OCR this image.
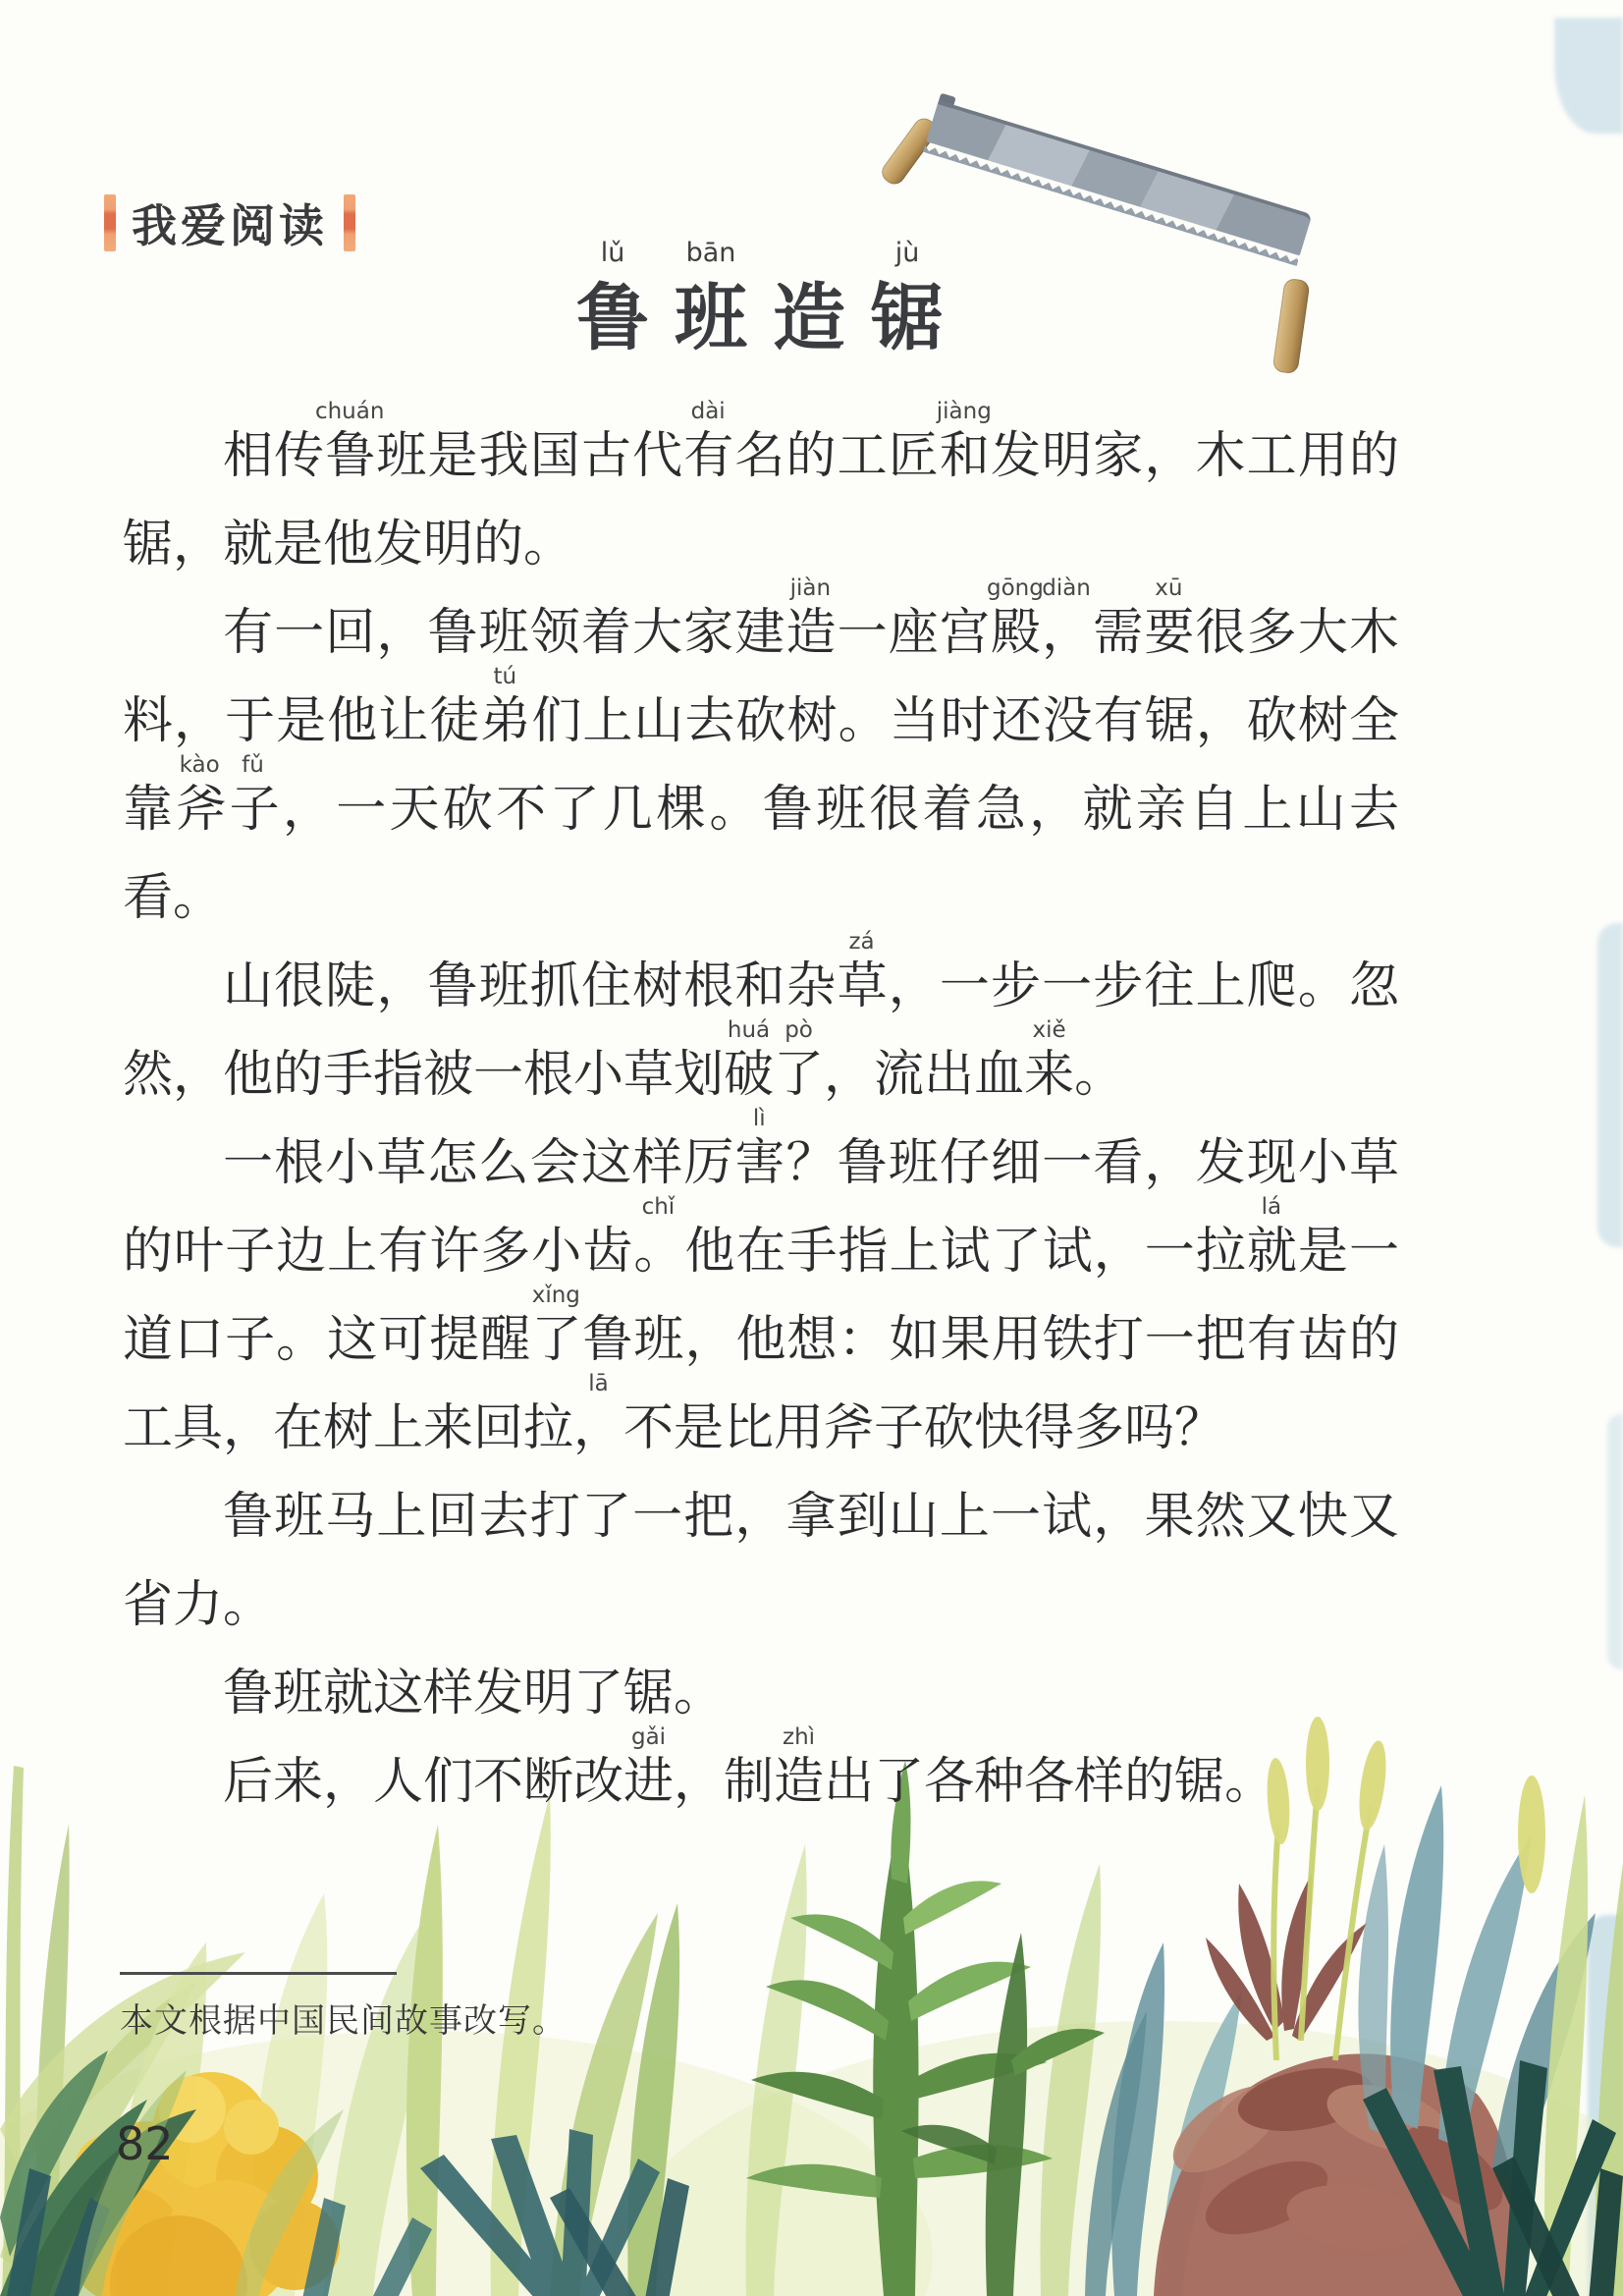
我爱阅读
鲁
lǔ
班
bān
造 锯
jù

相传
chuán
鲁班是我国古代
dài
有名的工匠
jiàng
和发明家，木工用的锯，就是他发明的。

有一回，鲁班领着大家建
jiàn
造一座宫
gōng
殿
diàn
，需
xū
要很多大木料，于是他让徒
tú
弟们上山去砍树。当时还没有锯，砍树全靠
kào
斧
fǔ
子，一天砍不了几棵。鲁班很着急，就亲自上山去看。

山很陡，鲁班抓住树根和杂
zá
草，一步一步往上爬。忽然，他的手指被一根小草划
huá
破
pò
了，流出血
xiě
来。

一根小草怎么会这样厉
lì
害？鲁班仔细一看，发现小草的叶子边上有许多小齿
chǐ
。他在手指上试了试，一拉
lá
就是一道口子。这可提醒
xǐng
了鲁班，他想：如果用铁打一把有齿的工具，在树上来回拉
lā
，不是比用斧子砍快得多吗？

鲁班马上回去打了一把，拿到山上一试，果然又快又省力。

鲁班就这样发明了锯。

后来，人们不断改
gǎi
进，制
zhì
造出了各种各样的锯。

本文根据中国民间故事改写。
82
